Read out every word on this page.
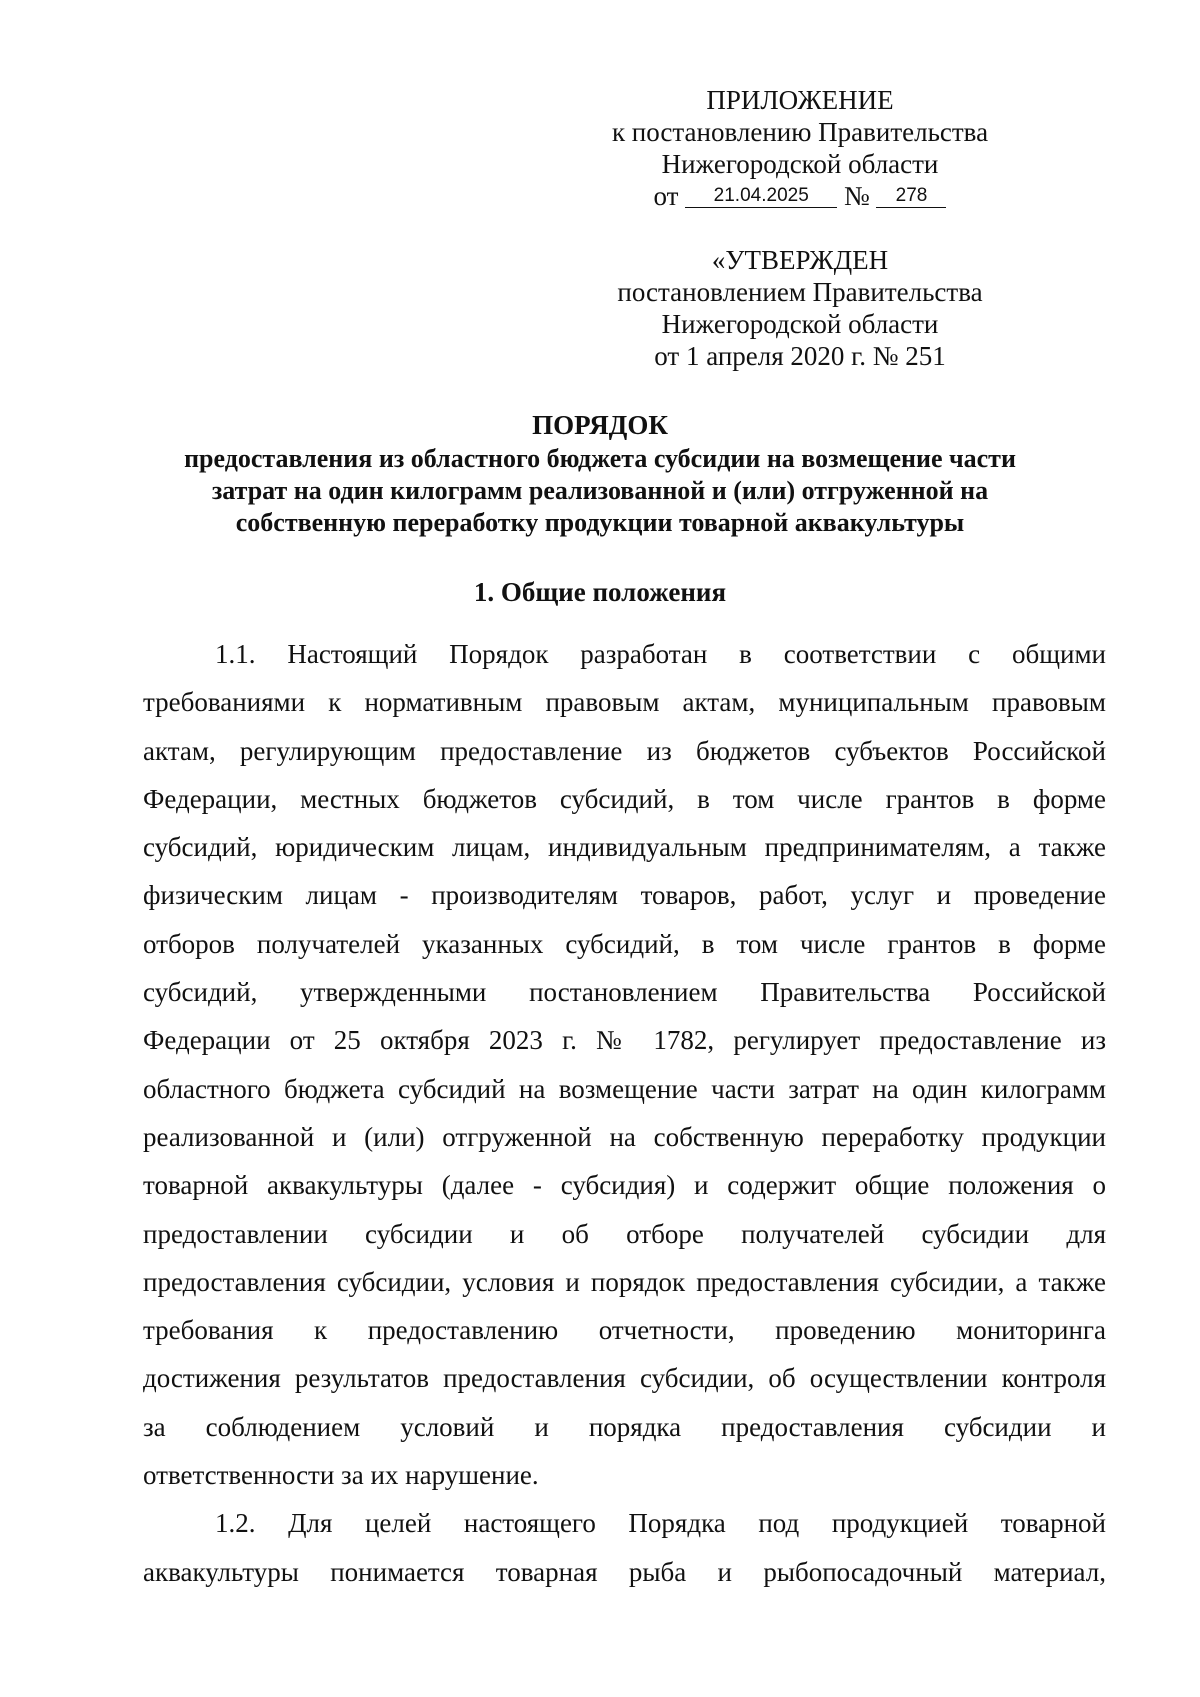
ПРИЛОЖЕНИЕ
к постановлению Правительства
Нижегородской области
от 21.04.2025 № 278
«УТВЕРЖДЕН
постановлением Правительства
Нижегородской области
от 1 апреля 2020 г. № 251
ПОРЯДОК
предоставления из областного бюджета субсидии на возмещение части
затрат на один килограмм реализованной и (или) отгруженной на
собственную переработку продукции товарной аквакультуры
1. Общие положения
1.1. Настоящий Порядок разработан в соответствии с общими
требованиями к нормативным правовым актам, муниципальным правовым
актам, регулирующим предоставление из бюджетов субъектов Российской
Федерации, местных бюджетов субсидий, в том числе грантов в форме
субсидий, юридическим лицам, индивидуальным предпринимателям, а также
физическим лицам - производителям товаров, работ, услуг и проведение
отборов получателей указанных субсидий, в том числе грантов в форме
субсидий, утвержденными постановлением Правительства Российской
Федерации от 25 октября 2023 г. № 1782, регулирует предоставление из
областного бюджета субсидий на возмещение части затрат на один килограмм
реализованной и (или) отгруженной на собственную переработку продукции
товарной аквакультуры (далее - субсидия) и содержит общие положения о
предоставлении субсидии и об отборе получателей субсидии для
предоставления субсидии, условия и порядок предоставления субсидии, а также
требования к предоставлению отчетности, проведению мониторинга
достижения результатов предоставления субсидии, об осуществлении контроля
за соблюдением условий и порядка предоставления субсидии и
ответственности за их нарушение.
1.2. Для целей настоящего Порядка под продукцией товарной
аквакультуры понимается товарная рыба и рыбопосадочный материал,
